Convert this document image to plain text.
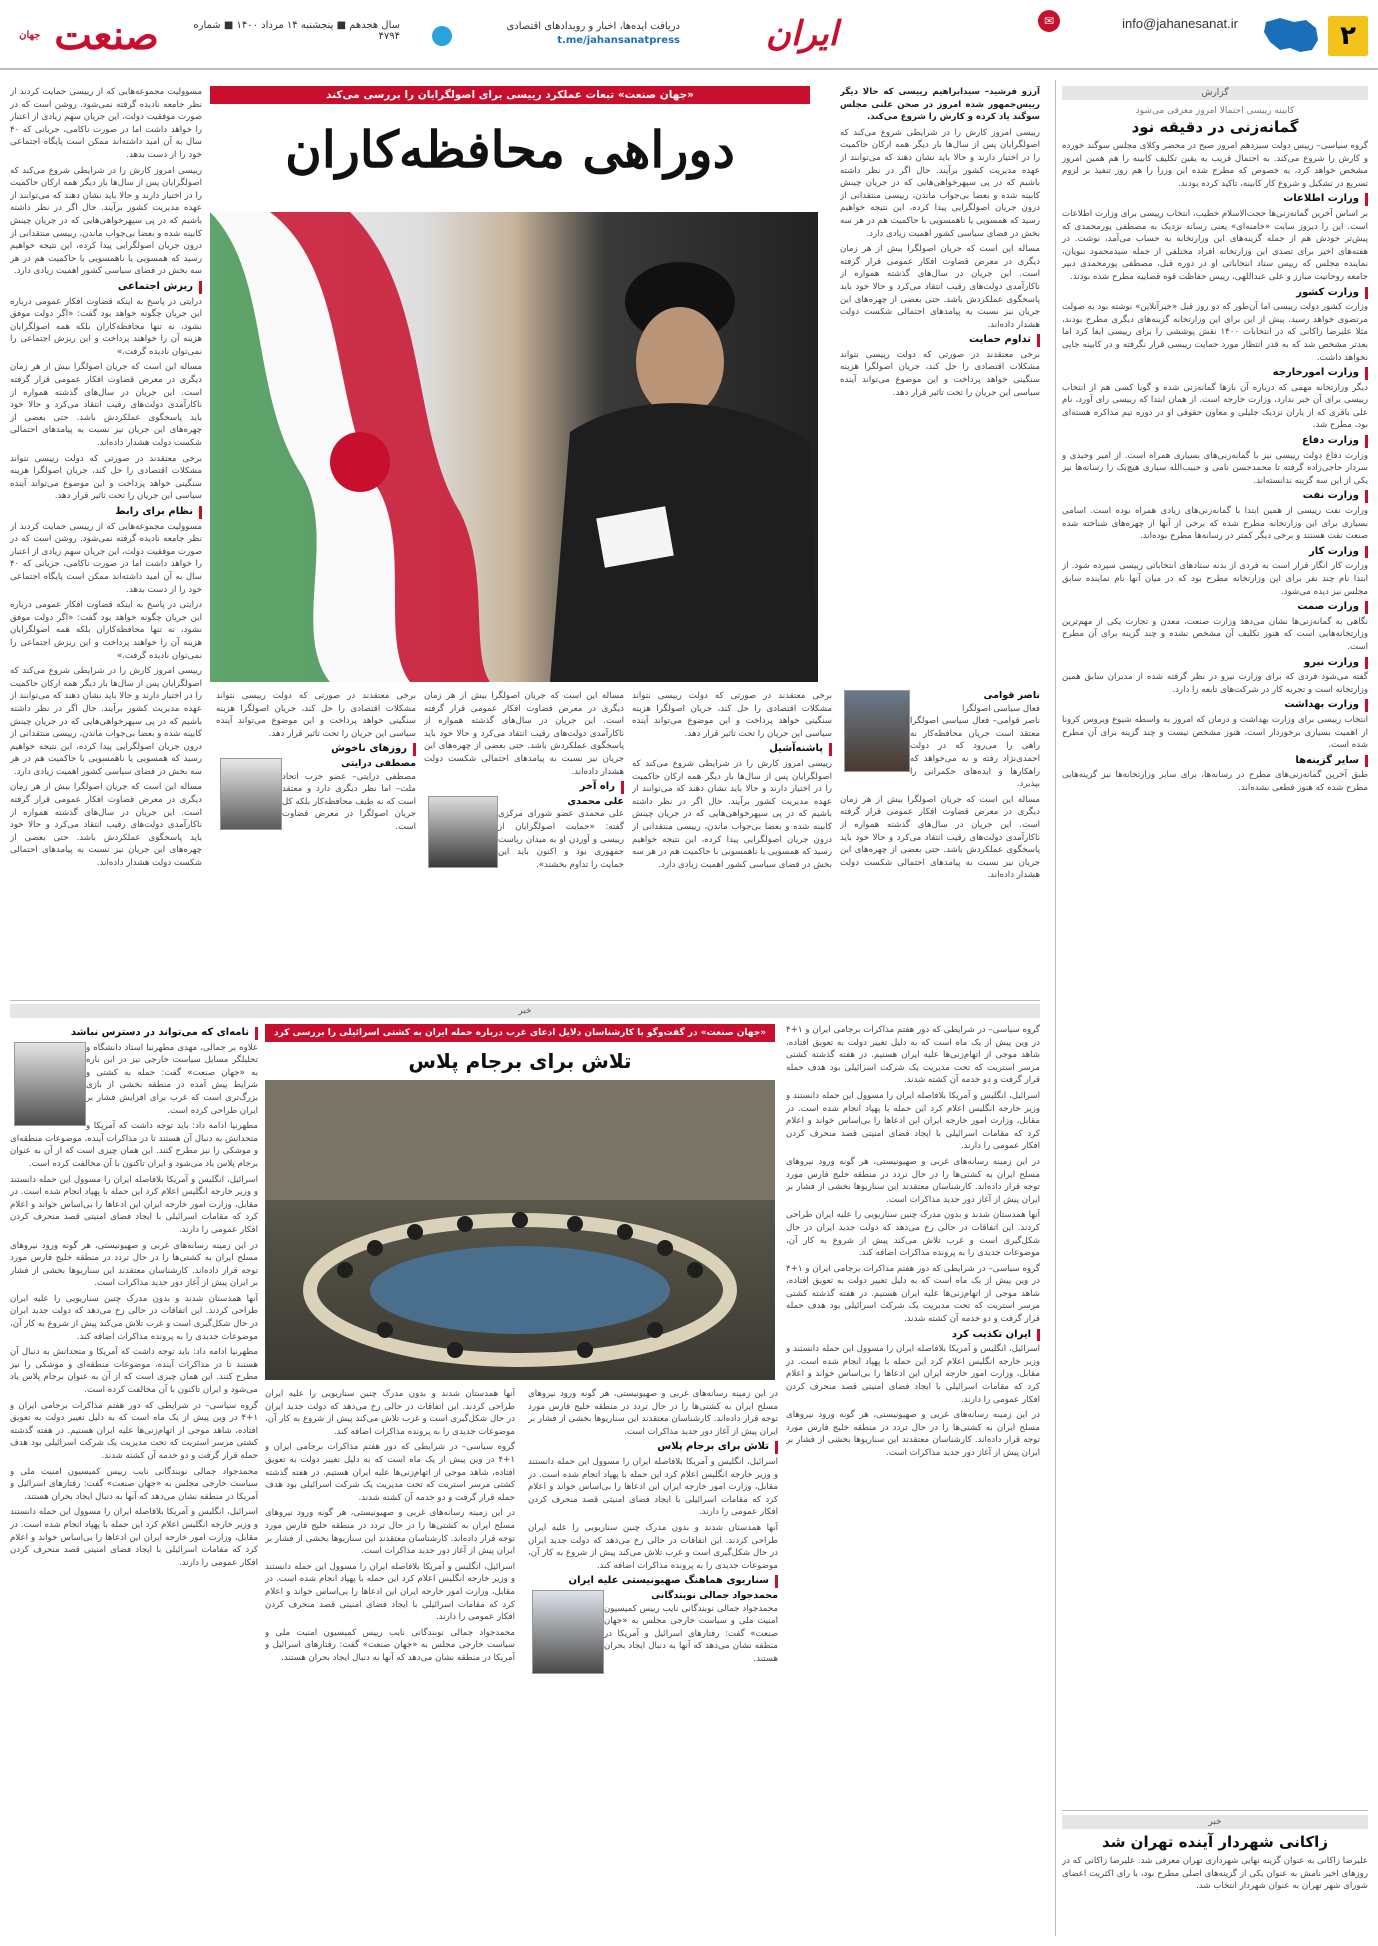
۲
✉	info@jahanesanat.ir
ایران
دریافت ایده‌ها، اخبار و رویدادهای اقتصادی
t.me/jahansanatpress
سال هجدهم ■ پنجشنبه ۱۴ مرداد ۱۴۰۰ ■ شماره ۴۷۹۴
صنعت جهان
گزارش
کابینه رییسی احتمالا امروز معرفی می‌شود
گمانه‌زنی در دقیقه نود

گروه سیاسی– رییس دولت سیزدهم امروز صبح در محضر وکلای مجلس سوگند خورده و کارش را شروع می‌کند. به احتمال قریب به یقین تکلیف کابینه را هم همین امروز مشخص خواهد کرد، به خصوص که مطرح شده این وزرا را هم روز تنفیذ بر لزوم تسریع در تشکیل و شروع کار کابینه، تاکید کرده بودند.

وزارت اطلاعات

بر اساس آخرین گمانه‌زنی‌ها حجت‌الاسلام خطیب، انتخاب رییسی برای وزارت اطلاعات است. این را دیروز سایت «خامنه‌ای» یعنی رسانه نزدیک به مصطفی پورمحمدی که پیش‌تر خودش هم از جمله گزینه‌های این وزارتخانه به حساب می‌آمد، نوشت. در هفته‌های اخیر برای تصدی این وزارتخانه افراد مختلفی از جمله سیدمحمود نبویان، نماینده مجلس که رییس ستاد انتخاباتی او در دوره قبل، مصطفی پورمحمدی دبیر جامعه روحانیت مبارز و علی عبداللهی، رییس حفاظت قوه قضاییه مطرح شده بودند.

وزارت کشور

وزارت کشور دولت رییسی اما آن‌طور که دو روز قبل «خبرآنلاین» نوشته بود به صولت مرتضوی خواهد رسید. پیش از این برای این وزارتخانه گزینه‌های دیگری مطرح بودند، مثلا علیرضا زاکانی که در انتخابات ۱۴۰۰ نقش پوششی را برای رییسی ایفا کرد اما بعدتر مشخص شد که به قدر انتظار مورد حمایت رییسی قرار نگرفته و در کابینه جایی نخواهد داشت.

وزارت امورخارجه

دیگر وزارتخانه مهمی که درباره آن بارها گمانه‌زنی شده و گویا کسی هم از انتخاب رییسی برای آن خبر ندارد، وزارت خارجه است. از همان ابتدا که رییسی رای آورد، نام علی باقری که از یاران نزدیک جلیلی و معاون حقوقی او در دوره تیم مذاکره هسته‌ای بود، مطرح شد.

وزارت دفاع

وزارت دفاع دولت رییسی نیز با گمانه‌زنی‌های بسیاری همراه است. از امیر وحیدی و سردار حاجی‌زاده گرفته تا محمدحسن نامی و حبیب‌الله سیاری هیچ‌یک را رسانه‌ها نیز یکی از این سه گزینه ندانسته‌اند.

وزارت نفت

وزارت نفت رییسی از همین ابتدا با گمانه‌زنی‌های زیادی همراه بوده است. اسامی بسیاری برای این وزارتخانه مطرح شده که برخی از آنها از چهره‌های شناخته شده صنعت نفت هستند و برخی دیگر کمتر در رسانه‌ها مطرح بوده‌اند.

وزارت کار

وزارت کار انگار قرار است به فردی از بدنه ستادهای انتخاباتی رییسی سپرده شود. از ابتدا نام چند نفر برای این وزارتخانه مطرح بود که در میان آنها نام نماینده سابق مجلس نیز دیده می‌شود.

وزارت صمت

نگاهی به گمانه‌زنی‌ها نشان می‌دهد وزارت صنعت، معدن و تجارت یکی از مهم‌ترین وزارتخانه‌هایی است که هنوز تکلیف آن مشخص نشده و چند گزینه برای آن مطرح است.

وزارت نیرو

گفته می‌شود فردی که برای وزارت نیرو در نظر گرفته شده از مدیران سابق همین وزارتخانه است و تجربه کار در شرکت‌های تابعه را دارد.

وزارت بهداشت

انتخاب رییسی برای وزارت بهداشت و درمان که امروز به واسطه شیوع ویروس کرونا از اهمیت بسیاری برخوردار است، هنوز مشخص نیست و چند گزینه برای آن مطرح شده است.

سایر گزینه‌ها

طبق آخرین گمانه‌زنی‌های مطرح در رسانه‌ها، برای سایر وزارتخانه‌ها نیز گزینه‌هایی مطرح شده که هنوز قطعی نشده‌اند.

خبر
زاکانی شهردار آینده تهران شد
علیرضا زاکانی به عنوان گزینه نهایی شهرداری تهران معرفی شد. علیرضا زاکانی که در روزهای اخیر نامش به عنوان یکی از گزینه‌های اصلی مطرح بود، با رای اکثریت اعضای شورای شهر تهران به عنوان شهردار انتخاب شد.
«جهان صنعت» تبعات عملکرد رییسی برای اصولگرایان را بررسی می‌کند
دوراهی محافظه‌کاران

آرزو فرشید– سیدابراهیم رییسی که حالا دیگر رییس‌جمهور شده امروز در صحن علنی مجلس سوگند یاد کرده و کارش را شروع می‌کند.

رییسی امروز کارش را در شرایطی شروع می‌کند که اصولگرایان پس از سال‌ها بار دیگر همه ارکان حاکمیت را در اختیار دارند و حالا باید نشان دهند که می‌توانند از عهده مدیریت کشور برآیند. حال اگر در نظر داشته باشیم که در پی سپهرخواهی‌هایی که در جریان چینش کابینه شده و بعضا بی‌جواب ماندن، رییسی منتقدانی از درون جریان اصولگرایی پیدا کرده، این نتیجه خواهیم رسید که همسویی یا ناهمسویی با حاکمیت هم در هر سه بخش در فضای سیاسی کشور اهمیت زیادی دارد.

مساله این است که جریان اصولگرا بیش از هر زمان دیگری در معرض قضاوت افکار عمومی قرار گرفته است. این جریان در سال‌های گذشته همواره از ناکارآمدی دولت‌های رقیب انتقاد می‌کرد و حالا خود باید پاسخگوی عملکردش باشد. حتی بعضی از چهره‌های این جریان نیز نسبت به پیامدهای احتمالی شکست دولت هشدار داده‌اند.

تداوم حمایت

برخی معتقدند در صورتی که دولت رییسی نتواند مشکلات اقتصادی را حل کند، جریان اصولگرا هزینه سنگینی خواهد پرداخت و این موضوع می‌تواند آینده سیاسی این جریان را تحت تاثیر قرار دهد.

ناصر قوامی
فعال سیاسی اصولگرا

ناصر قوامی– فعال سیاسی اصولگرا معتقد است جریان محافظه‌کار نه راهی را می‌رود که در دولت احمدی‌نژاد رفته و نه می‌خواهد که راهکارها و ایده‌های حکمرانی را بپذیرد.

مساله این است که جریان اصولگرا بیش از هر زمان دیگری در معرض قضاوت افکار عمومی قرار گرفته است. این جریان در سال‌های گذشته همواره از ناکارآمدی دولت‌های رقیب انتقاد می‌کرد و حالا خود باید پاسخگوی عملکردش باشد. حتی بعضی از چهره‌های این جریان نیز نسبت به پیامدهای احتمالی شکست دولت هشدار داده‌اند.

برخی معتقدند در صورتی که دولت رییسی نتواند مشکلات اقتصادی را حل کند، جریان اصولگرا هزینه سنگینی خواهد پرداخت و این موضوع می‌تواند آینده سیاسی این جریان را تحت تاثیر قرار دهد.

پاشنه‌آشیل

رییسی امروز کارش را در شرایطی شروع می‌کند که اصولگرایان پس از سال‌ها بار دیگر همه ارکان حاکمیت را در اختیار دارند و حالا باید نشان دهند که می‌توانند از عهده مدیریت کشور برآیند. حال اگر در نظر داشته باشیم که در پی سپهرخواهی‌هایی که در جریان چینش کابینه شده و بعضا بی‌جواب ماندن، رییسی منتقدانی از درون جریان اصولگرایی پیدا کرده، این نتیجه خواهیم رسید که همسویی یا ناهمسویی با حاکمیت هم در هر سه بخش در فضای سیاسی کشور اهمیت زیادی دارد.

مساله این است که جریان اصولگرا بیش از هر زمان دیگری در معرض قضاوت افکار عمومی قرار گرفته است. این جریان در سال‌های گذشته همواره از ناکارآمدی دولت‌های رقیب انتقاد می‌کرد و حالا خود باید پاسخگوی عملکردش باشد. حتی بعضی از چهره‌های این جریان نیز نسبت به پیامدهای احتمالی شکست دولت هشدار داده‌اند.

راه آخر
علی محمدی

علی محمدی عضو شورای مرکزی گفته: «حمایت اصولگرایان از رییسی و آوردن او به میدان ریاست جمهوری بود و اکنون باید این حمایت را تداوم بخشند».

برخی معتقدند در صورتی که دولت رییسی نتواند مشکلات اقتصادی را حل کند، جریان اصولگرا هزینه سنگینی خواهد پرداخت و این موضوع می‌تواند آینده سیاسی این جریان را تحت تاثیر قرار دهد.

روزهای ناخوش
مصطفی درایتی

مصطفی درایتی– عضو حزب اتحاد ملت– اما نظر دیگری دارد و معتقد است که نه طیف محافظه‌کار بلکه کل جریان اصولگرا در معرض قضاوت است.

مسوولیت مجموعه‌هایی که از رییسی حمایت کردند از نظر جامعه نادیده گرفته نمی‌شود. روشن است که در صورت موفقیت دولت، این جریان سهم زیادی از اعتبار را خواهد داشت اما در صورت ناکامی، جریانی که ۴۰ سال به آن امید داشته‌اند ممکن است پایگاه اجتماعی خود را از دست بدهد.

رییسی امروز کارش را در شرایطی شروع می‌کند که اصولگرایان پس از سال‌ها بار دیگر همه ارکان حاکمیت را در اختیار دارند و حالا باید نشان دهند که می‌توانند از عهده مدیریت کشور برآیند. حال اگر در نظر داشته باشیم که در پی سپهرخواهی‌هایی که در جریان چینش کابینه شده و بعضا بی‌جواب ماندن، رییسی منتقدانی از درون جریان اصولگرایی پیدا کرده، این نتیجه خواهیم رسید که همسویی یا ناهمسویی با حاکمیت هم در هر سه بخش در فضای سیاسی کشور اهمیت زیادی دارد.

ریزش اجتماعی

درایتی در پاسخ به اینکه قضاوت افکار عمومی درباره این جریان چگونه خواهد بود گفت: «اگر دولت موفق نشود، نه تنها محافظه‌کاران بلکه همه اصولگرایان هزینه آن را خواهند پرداخت و این ریزش اجتماعی را نمی‌توان نادیده گرفت.»

مساله این است که جریان اصولگرا بیش از هر زمان دیگری در معرض قضاوت افکار عمومی قرار گرفته است. این جریان در سال‌های گذشته همواره از ناکارآمدی دولت‌های رقیب انتقاد می‌کرد و حالا خود باید پاسخگوی عملکردش باشد. حتی بعضی از چهره‌های این جریان نیز نسبت به پیامدهای احتمالی شکست دولت هشدار داده‌اند.

برخی معتقدند در صورتی که دولت رییسی نتواند مشکلات اقتصادی را حل کند، جریان اصولگرا هزینه سنگینی خواهد پرداخت و این موضوع می‌تواند آینده سیاسی این جریان را تحت تاثیر قرار دهد.

نظام برای رابط

مسوولیت مجموعه‌هایی که از رییسی حمایت کردند از نظر جامعه نادیده گرفته نمی‌شود. روشن است که در صورت موفقیت دولت، این جریان سهم زیادی از اعتبار را خواهد داشت اما در صورت ناکامی، جریانی که ۴۰ سال به آن امید داشته‌اند ممکن است پایگاه اجتماعی خود را از دست بدهد.

درایتی در پاسخ به اینکه قضاوت افکار عمومی درباره این جریان چگونه خواهد بود گفت: «اگر دولت موفق نشود، نه تنها محافظه‌کاران بلکه همه اصولگرایان هزینه آن را خواهند پرداخت و این ریزش اجتماعی را نمی‌توان نادیده گرفت.»

رییسی امروز کارش را در شرایطی شروع می‌کند که اصولگرایان پس از سال‌ها بار دیگر همه ارکان حاکمیت را در اختیار دارند و حالا باید نشان دهند که می‌توانند از عهده مدیریت کشور برآیند. حال اگر در نظر داشته باشیم که در پی سپهرخواهی‌هایی که در جریان چینش کابینه شده و بعضا بی‌جواب ماندن، رییسی منتقدانی از درون جریان اصولگرایی پیدا کرده، این نتیجه خواهیم رسید که همسویی یا ناهمسویی با حاکمیت هم در هر سه بخش در فضای سیاسی کشور اهمیت زیادی دارد.

مساله این است که جریان اصولگرا بیش از هر زمان دیگری در معرض قضاوت افکار عمومی قرار گرفته است. این جریان در سال‌های گذشته همواره از ناکارآمدی دولت‌های رقیب انتقاد می‌کرد و حالا خود باید پاسخگوی عملکردش باشد. حتی بعضی از چهره‌های این جریان نیز نسبت به پیامدهای احتمالی شکست دولت هشدار داده‌اند.

خبر
«جهان صنعت» در گفت‌وگو با کارشناسان دلایل ادعای غرب درباره حمله ایران به کشتی اسرائیلی را بررسی کرد
تلاش برای برجام پلاس

گروه سیاسی– در شرایطی که دور هفتم مذاکرات برجامی ایران و ۱+۴ در وین پیش از یک ماه است که به دلیل تغییر دولت به تعویق افتاده، شاهد موجی از اتهام‌زنی‌ها علیه ایران هستیم. در هفته گذشته کشتی مرسر استریت که تحت مدیریت یک شرکت اسرائیلی بود هدف حمله قرار گرفت و دو خدمه آن کشته شدند.

اسرائیل، انگلیس و آمریکا بلافاصله ایران را مسوول این حمله دانستند و وزیر خارجه انگلیس اعلام کرد این حمله با پهپاد انجام شده است. در مقابل، وزارت امور خارجه ایران این ادعاها را بی‌اساس خواند و اعلام کرد که مقامات اسرائیلی با ایجاد فضای امنیتی قصد منحرف کردن افکار عمومی را دارند.

در این زمینه رسانه‌های غربی و صهیونیستی، هر گونه ورود نیروهای مسلح ایران به کشتی‌ها را در حال تردد در منطقه خلیج فارس مورد توجه قرار داده‌اند. کارشناسان معتقدند این سناریوها بخشی از فشار بر ایران پیش از آغاز دور جدید مذاکرات است.

آنها همدستان شدند و بدون مدرک چنین سناریویی را علیه ایران طراحی کردند. این اتفاقات در حالی رخ می‌دهد که دولت جدید ایران در حال شکل‌گیری است و غرب تلاش می‌کند پیش از شروع به کار آن، موضوعات جدیدی را به پرونده مذاکرات اضافه کند.

گروه سیاسی– در شرایطی که دور هفتم مذاکرات برجامی ایران و ۱+۴ در وین پیش از یک ماه است که به دلیل تغییر دولت به تعویق افتاده، شاهد موجی از اتهام‌زنی‌ها علیه ایران هستیم. در هفته گذشته کشتی مرسر استریت که تحت مدیریت یک شرکت اسرائیلی بود هدف حمله قرار گرفت و دو خدمه آن کشته شدند.

ایران تکذیب کرد

اسرائیل، انگلیس و آمریکا بلافاصله ایران را مسوول این حمله دانستند و وزیر خارجه انگلیس اعلام کرد این حمله با پهپاد انجام شده است. در مقابل، وزارت امور خارجه ایران این ادعاها را بی‌اساس خواند و اعلام کرد که مقامات اسرائیلی با ایجاد فضای امنیتی قصد منحرف کردن افکار عمومی را دارند.

در این زمینه رسانه‌های غربی و صهیونیستی، هر گونه ورود نیروهای مسلح ایران به کشتی‌ها را در حال تردد در منطقه خلیج فارس مورد توجه قرار داده‌اند. کارشناسان معتقدند این سناریوها بخشی از فشار بر ایران پیش از آغاز دور جدید مذاکرات است.

در این زمینه رسانه‌های غربی و صهیونیستی، هر گونه ورود نیروهای مسلح ایران به کشتی‌ها را در حال تردد در منطقه خلیج فارس مورد توجه قرار داده‌اند. کارشناسان معتقدند این سناریوها بخشی از فشار بر ایران پیش از آغاز دور جدید مذاکرات است.

تلاش برای برجام پلاس

اسرائیل، انگلیس و آمریکا بلافاصله ایران را مسوول این حمله دانستند و وزیر خارجه انگلیس اعلام کرد این حمله با پهپاد انجام شده است. در مقابل، وزارت امور خارجه ایران این ادعاها را بی‌اساس خواند و اعلام کرد که مقامات اسرائیلی با ایجاد فضای امنیتی قصد منحرف کردن افکار عمومی را دارند.

آنها همدستان شدند و بدون مدرک چنین سناریویی را علیه ایران طراحی کردند. این اتفاقات در حالی رخ می‌دهد که دولت جدید ایران در حال شکل‌گیری است و غرب تلاش می‌کند پیش از شروع به کار آن، موضوعات جدیدی را به پرونده مذاکرات اضافه کند.

سناریوی هماهنگ صهیونیستی علیه ایران
محمدجواد جمالی نوبندگانی

محمدجواد جمالی نوبندگانی نایب رییس کمیسیون امنیت ملی و سیاست خارجی مجلس به «جهان صنعت» گفت: رفتارهای اسرائیل و آمریکا در منطقه نشان می‌دهد که آنها به دنبال ایجاد بحران هستند.

آنها همدستان شدند و بدون مدرک چنین سناریویی را علیه ایران طراحی کردند. این اتفاقات در حالی رخ می‌دهد که دولت جدید ایران در حال شکل‌گیری است و غرب تلاش می‌کند پیش از شروع به کار آن، موضوعات جدیدی را به پرونده مذاکرات اضافه کند.

گروه سیاسی– در شرایطی که دور هفتم مذاکرات برجامی ایران و ۱+۴ در وین پیش از یک ماه است که به دلیل تغییر دولت به تعویق افتاده، شاهد موجی از اتهام‌زنی‌ها علیه ایران هستیم. در هفته گذشته کشتی مرسر استریت که تحت مدیریت یک شرکت اسرائیلی بود هدف حمله قرار گرفت و دو خدمه آن کشته شدند.

در این زمینه رسانه‌های غربی و صهیونیستی، هر گونه ورود نیروهای مسلح ایران به کشتی‌ها را در حال تردد در منطقه خلیج فارس مورد توجه قرار داده‌اند. کارشناسان معتقدند این سناریوها بخشی از فشار بر ایران پیش از آغاز دور جدید مذاکرات است.

اسرائیل، انگلیس و آمریکا بلافاصله ایران را مسوول این حمله دانستند و وزیر خارجه انگلیس اعلام کرد این حمله با پهپاد انجام شده است. در مقابل، وزارت امور خارجه ایران این ادعاها را بی‌اساس خواند و اعلام کرد که مقامات اسرائیلی با ایجاد فضای امنیتی قصد منحرف کردن افکار عمومی را دارند.

محمدجواد جمالی نوبندگانی نایب رییس کمیسیون امنیت ملی و سیاست خارجی مجلس به «جهان صنعت» گفت: رفتارهای اسرائیل و آمریکا در منطقه نشان می‌دهد که آنها به دنبال ایجاد بحران هستند.

نامه‌ای که می‌تواند در دسترس نباشد

علاوه بر جمالی، مهدی مطهرنیا استاد دانشگاه و تحلیلگر مسایل سیاست خارجی نیز در این باره به «جهان صنعت» گفت: حمله به کشتی و شرایط پیش آمده در منطقه بخشی از بازی بزرگ‌تری است که غرب برای افزایش فشار بر ایران طراحی کرده است.

مطهرنیا ادامه داد: باید توجه داشت که آمریکا و متحدانش به دنبال آن هستند تا در مذاکرات آینده، موضوعات منطقه‌ای و موشکی را نیز مطرح کنند. این همان چیزی است که از آن به عنوان برجام پلاس یاد می‌شود و ایران تاکنون با آن مخالفت کرده است.

اسرائیل، انگلیس و آمریکا بلافاصله ایران را مسوول این حمله دانستند و وزیر خارجه انگلیس اعلام کرد این حمله با پهپاد انجام شده است. در مقابل، وزارت امور خارجه ایران این ادعاها را بی‌اساس خواند و اعلام کرد که مقامات اسرائیلی با ایجاد فضای امنیتی قصد منحرف کردن افکار عمومی را دارند.

در این زمینه رسانه‌های غربی و صهیونیستی، هر گونه ورود نیروهای مسلح ایران به کشتی‌ها را در حال تردد در منطقه خلیج فارس مورد توجه قرار داده‌اند. کارشناسان معتقدند این سناریوها بخشی از فشار بر ایران پیش از آغاز دور جدید مذاکرات است.

آنها همدستان شدند و بدون مدرک چنین سناریویی را علیه ایران طراحی کردند. این اتفاقات در حالی رخ می‌دهد که دولت جدید ایران در حال شکل‌گیری است و غرب تلاش می‌کند پیش از شروع به کار آن، موضوعات جدیدی را به پرونده مذاکرات اضافه کند.

مطهرنیا ادامه داد: باید توجه داشت که آمریکا و متحدانش به دنبال آن هستند تا در مذاکرات آینده، موضوعات منطقه‌ای و موشکی را نیز مطرح کنند. این همان چیزی است که از آن به عنوان برجام پلاس یاد می‌شود و ایران تاکنون با آن مخالفت کرده است.

گروه سیاسی– در شرایطی که دور هفتم مذاکرات برجامی ایران و ۱+۴ در وین پیش از یک ماه است که به دلیل تغییر دولت به تعویق افتاده، شاهد موجی از اتهام‌زنی‌ها علیه ایران هستیم. در هفته گذشته کشتی مرسر استریت که تحت مدیریت یک شرکت اسرائیلی بود هدف حمله قرار گرفت و دو خدمه آن کشته شدند.

محمدجواد جمالی نوبندگانی نایب رییس کمیسیون امنیت ملی و سیاست خارجی مجلس به «جهان صنعت» گفت: رفتارهای اسرائیل و آمریکا در منطقه نشان می‌دهد که آنها به دنبال ایجاد بحران هستند.

اسرائیل، انگلیس و آمریکا بلافاصله ایران را مسوول این حمله دانستند و وزیر خارجه انگلیس اعلام کرد این حمله با پهپاد انجام شده است. در مقابل، وزارت امور خارجه ایران این ادعاها را بی‌اساس خواند و اعلام کرد که مقامات اسرائیلی با ایجاد فضای امنیتی قصد منحرف کردن افکار عمومی را دارند.
